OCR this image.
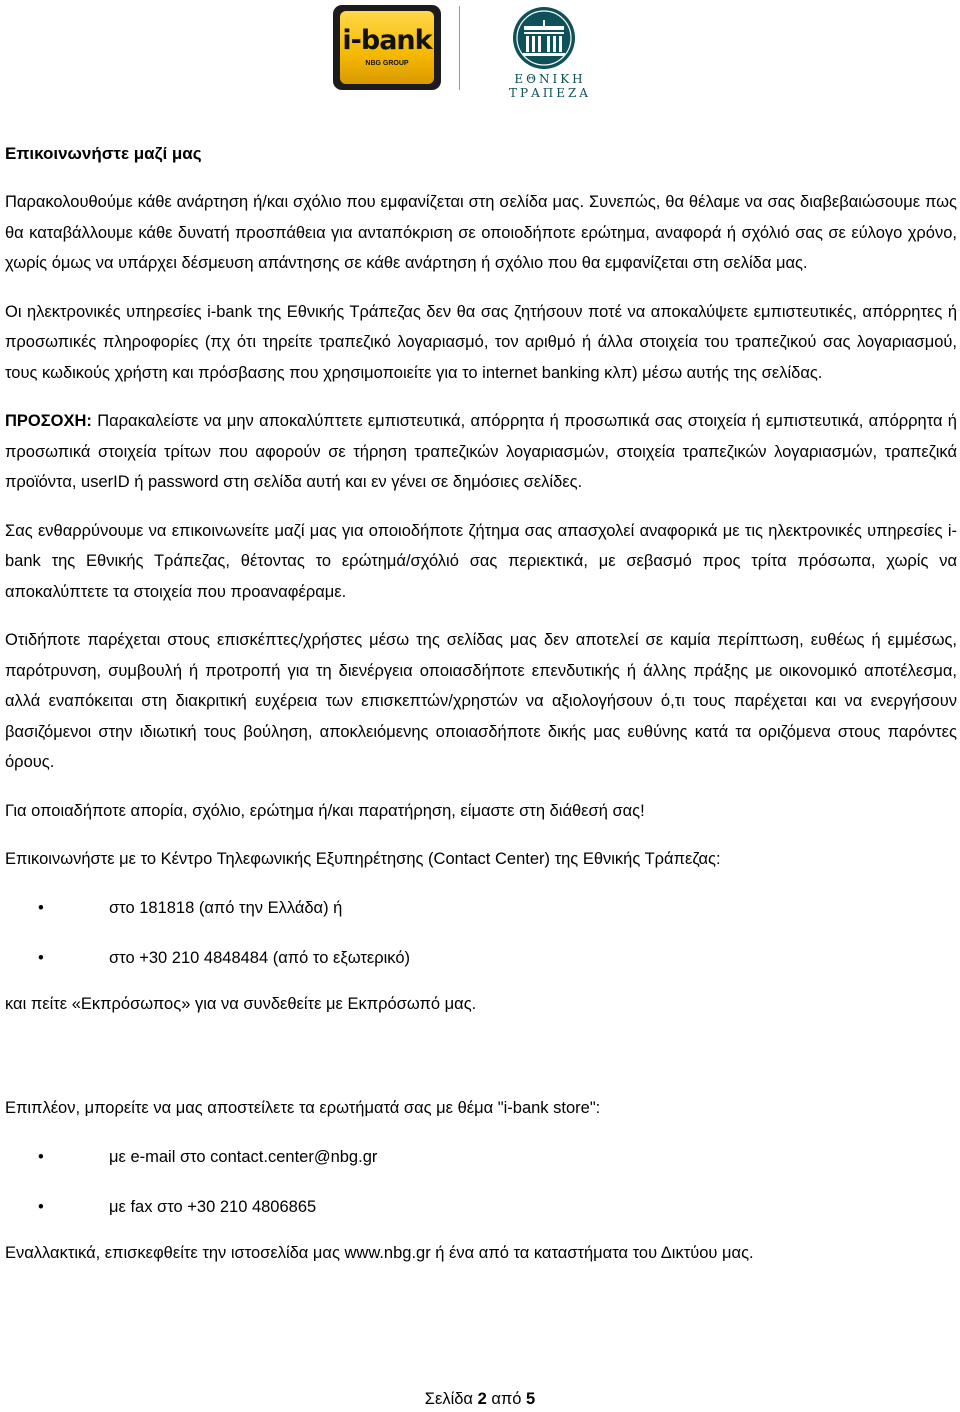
i-bank
NBG GROUP
ΕΘΝΙΚΗ ΤΡΑΠΕΖΑ
Επικοινωνήστε μαζί μας

Παρακολουθούμε κάθε ανάρτηση ή/και σχόλιο που εμφανίζεται στη σελίδα μας. Συνεπώς, θα θέλαμε να σας διαβεβαιώσουμε πως θα καταβάλλουμε κάθε δυνατή προσπάθεια για ανταπόκριση σε οποιοδήποτε ερώτημα, αναφορά ή σχόλιό σας σε εύλογο χρόνο, χωρίς όμως να υπάρχει δέσμευση απάντησης σε κάθε ανάρτηση ή σχόλιο που θα εμφανίζεται στη σελίδα μας.

Οι ηλεκτρονικές υπηρεσίες i-bank της Εθνικής Τράπεζας δεν θα σας ζητήσουν ποτέ να αποκαλύψετε εμπιστευτικές, απόρρητες ή προσωπικές πληροφορίες (πχ ότι τηρείτε τραπεζικό λογαριασμό, τον αριθμό ή άλλα στοιχεία του τραπεζικού σας λογαριασμού, τους κωδικούς χρήστη και πρόσβασης που χρησιμοποιείτε για το internet banking κλπ) μέσω αυτής της σελίδας.

ΠΡΟΣΟΧΗ: Παρακαλείστε να μην αποκαλύπτετε εμπιστευτικά, απόρρητα ή προσωπικά σας στοιχεία ή εμπιστευτικά, απόρρητα ή προσωπικά στοιχεία τρίτων που αφορούν σε τήρηση τραπεζικών λογαριασμών, στοιχεία τραπεζικών λογαριασμών, τραπεζικά προϊόντα, userID ή password στη σελίδα αυτή και εν γένει σε δημόσιες σελίδες.

Σας ενθαρρύνουμε να επικοινωνείτε μαζί μας για οποιοδήποτε ζήτημα σας απασχολεί αναφορικά με τις ηλεκτρονικές υπηρεσίες i-bank της Εθνικής Τράπεζας, θέτοντας το ερώτημά/σχόλιό σας περιεκτικά, με σεβασμό προς τρίτα πρόσωπα, χωρίς να αποκαλύπτετε τα στοιχεία που προαναφέραμε.

Οτιδήποτε παρέχεται στους επισκέπτες/χρήστες μέσω της σελίδας μας δεν αποτελεί σε καμία περίπτωση, ευθέως ή εμμέσως, παρότρυνση, συμβουλή ή προτροπή για τη διενέργεια οποιασδήποτε επενδυτικής ή άλλης πράξης με οικονομικό αποτέλεσμα, αλλά εναπόκειται στη διακριτική ευχέρεια των επισκεπτών/χρηστών να αξιολογήσουν ό,τι τους παρέχεται και να ενεργήσουν βασιζόμενοι στην ιδιωτική τους βούληση, αποκλειόμενης οποιασδήποτε δικής μας ευθύνης κατά τα οριζόμενα στους παρόντες όρους.

Για οποιαδήποτε απορία, σχόλιο, ερώτημα ή/και παρατήρηση, είμαστε στη διάθεσή σας!

Επικοινωνήστε με το Κέντρο Τηλεφωνικής Εξυπηρέτησης (Contact Center) της Εθνικής Τράπεζας:

•	στο 181818 (από την Ελλάδα) ή
•	στο +30 210 4848484 (από το εξωτερικό)

και πείτε «Εκπρόσωπος» για να συνδεθείτε με Εκπρόσωπό μας.

Επιπλέον, μπορείτε να μας αποστείλετε τα ερωτήματά σας με θέμα "i-bank store":

•	με e-mail στο contact.center@nbg.gr
•	με fax στο +30 210 4806865

Εναλλακτικά, επισκεφθείτε την ιστοσελίδα μας www.nbg.gr ή ένα από τα καταστήματα του Δικτύου μας.

Σελίδα 2 από 5
